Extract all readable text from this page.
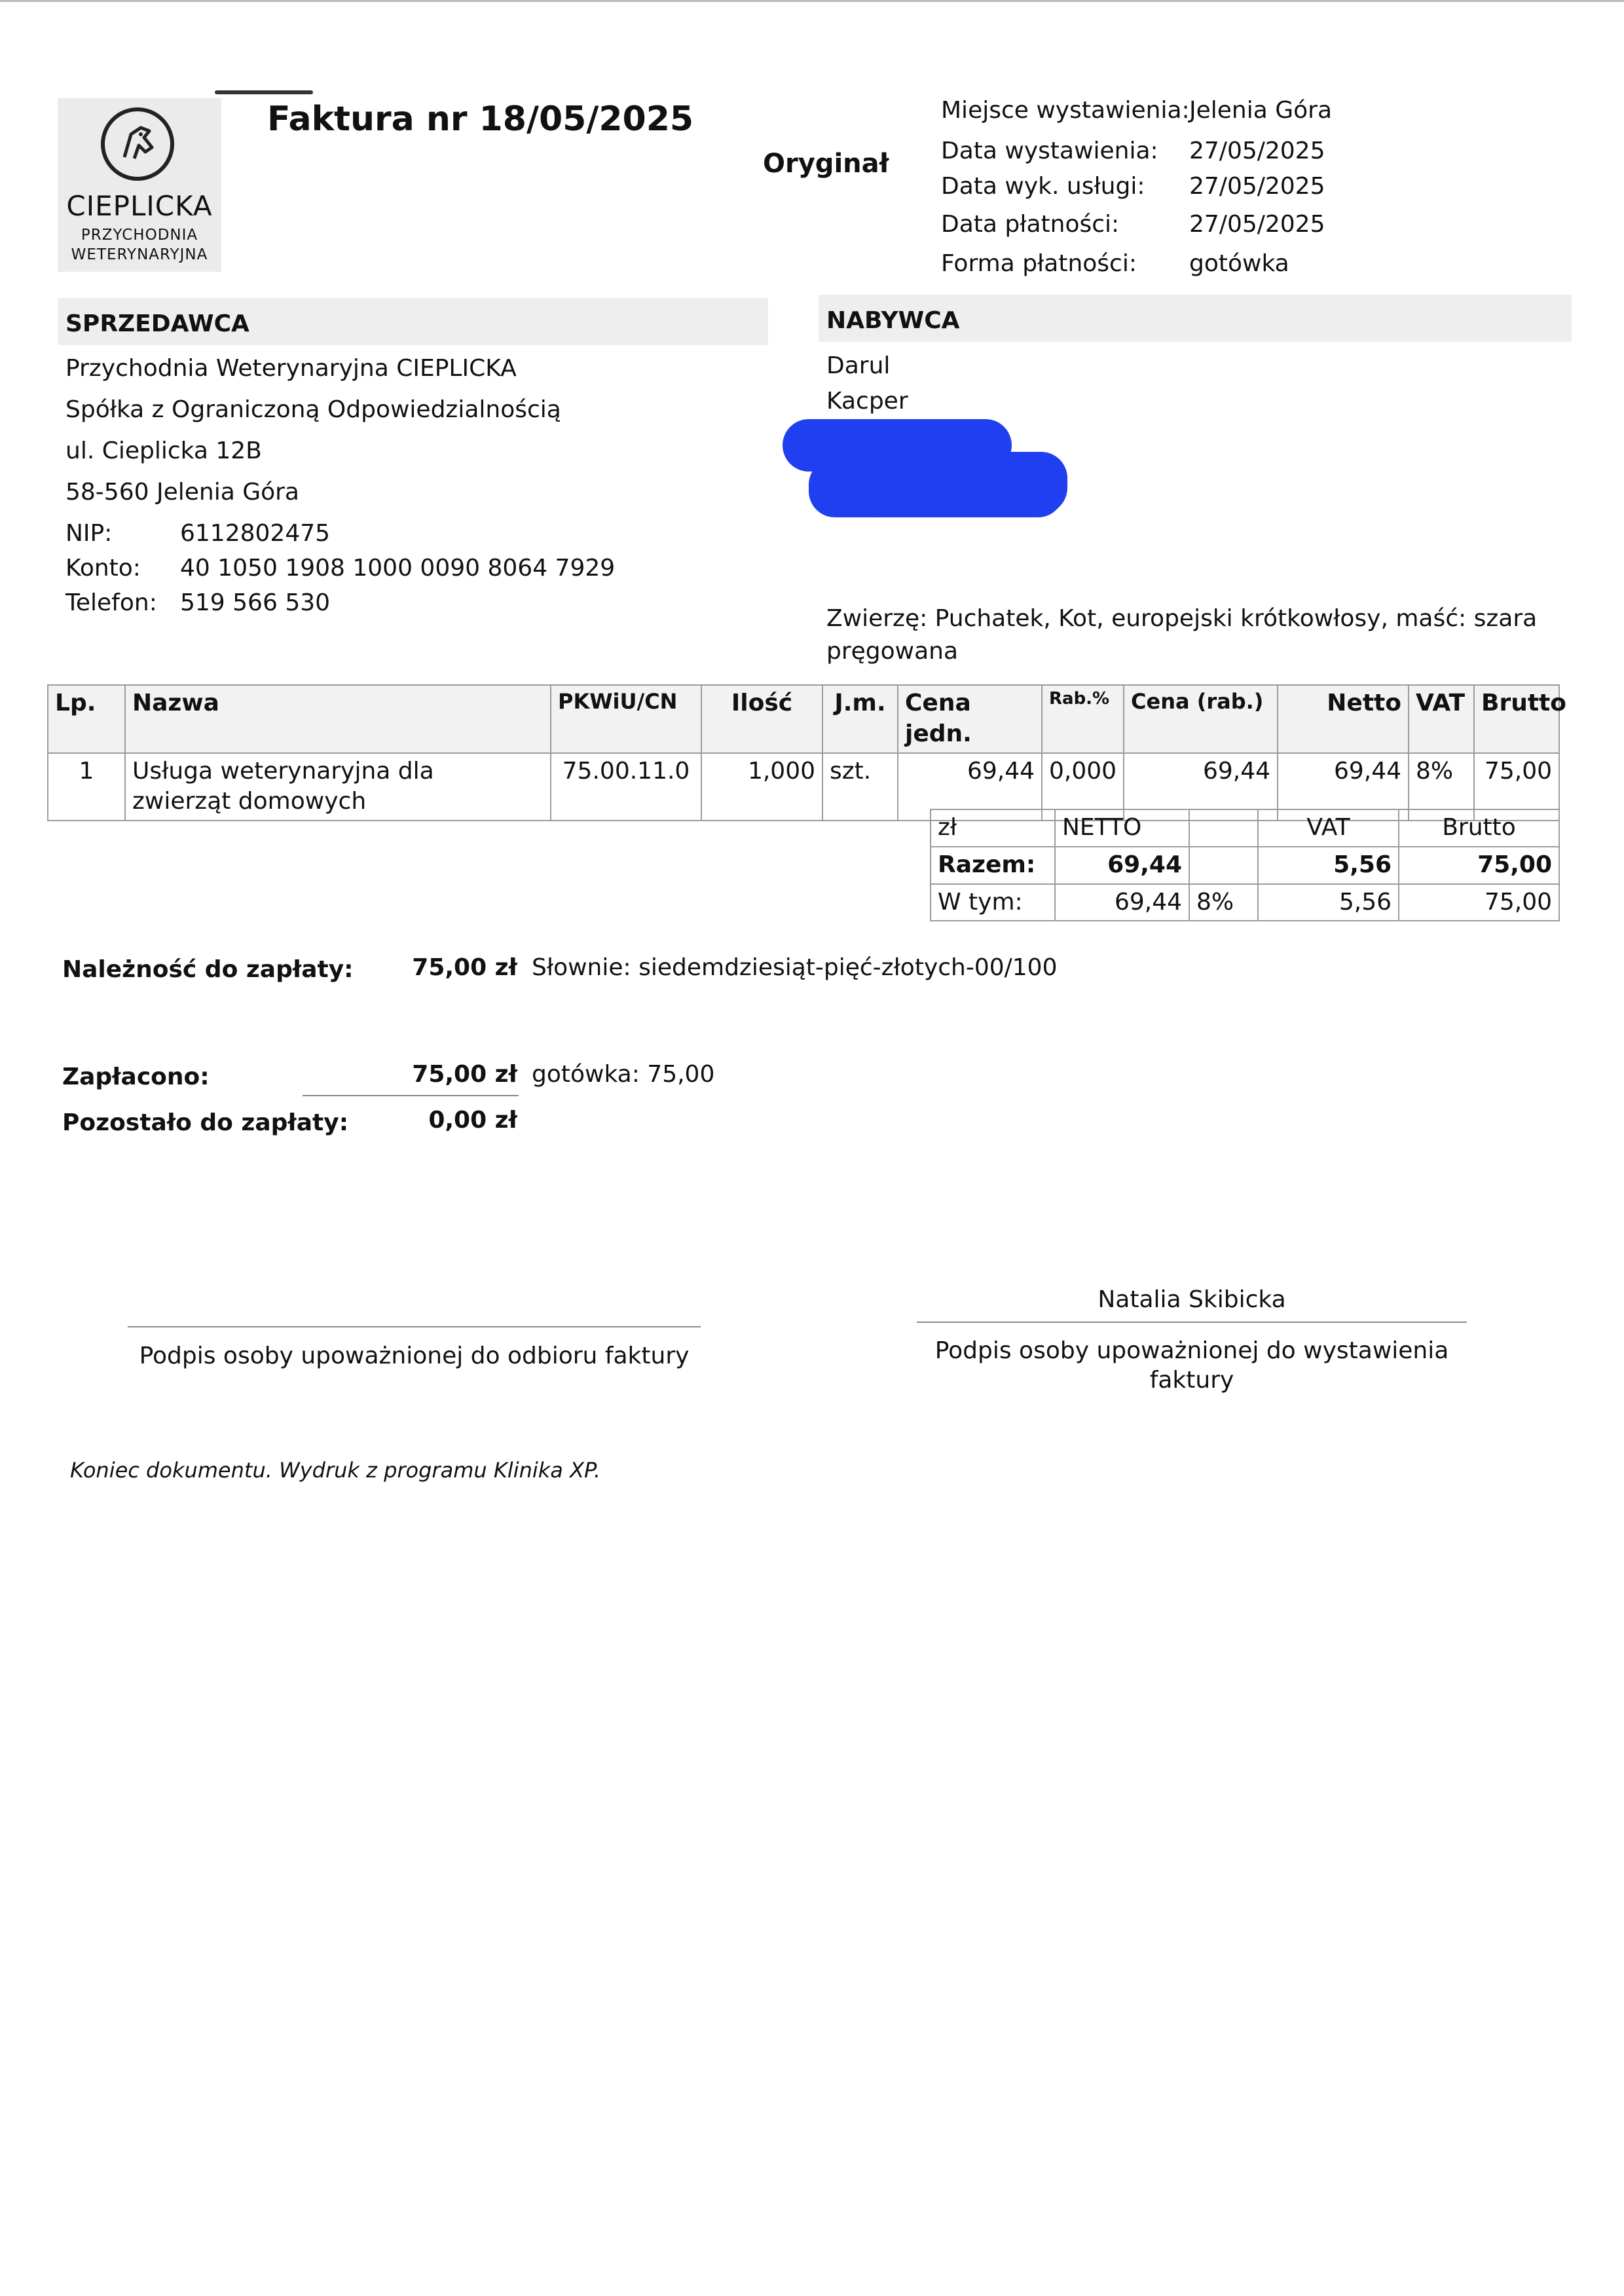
CIEPLICKA
PRZYCHODNIA
WETERYNARYJNA
Faktura nr 18/05/2025
Oryginał
Miejsce wystawienia: Jelenia Góra
Data wystawienia: 27/05/2025
Data wyk. usługi: 27/05/2025
Data płatności:	27/05/2025
Forma płatności: gotówka
SPRZEDAWCA
Przychodnia Weterynaryjna CIEPLICKA
Spółka z Ograniczoną Odpowiedzialnością
ul. Cieplicka 12B
58-560 Jelenia Góra
NIP:	6112802475
Konto: 40 1050 1908 1000 0090 8064 7929
Telefon: 519 566 530
NABYWCA
Darul
Kacper
Zwierzę: Puchatek, Kot, europejski krótkowłosy, maść: szara
pręgowana
Lp.	Nazwa	PKWiU/CN	Ilość	J.m.	Cena jedn.	Rab.%	Cena (rab.)	Netto	VAT	Brutto
1	Usługa weterynaryjna dla
zwierząt domowych	75.00.11.0	1,000	szt.	69,44	0,000	69,44	69,44	8%	75,00
zł	NETTO		VAT	Brutto
Razem:	69,44		5,56	75,00
W tym:	69,44	8%	5,56	75,00
Należność do zapłaty:	75,00 zł Słownie: siedemdziesiąt-pięć-złotych-00/100
Zapłacono:	75,00 zł gotówka: 75,00
Pozostało do zapłaty:	0,00 zł
Podpis osoby upoważnionej do odbioru faktury
Natalia Skibicka
Podpis osoby upoważnionej do wystawienia
faktury
Koniec dokumentu. Wydruk z programu Klinika XP.
